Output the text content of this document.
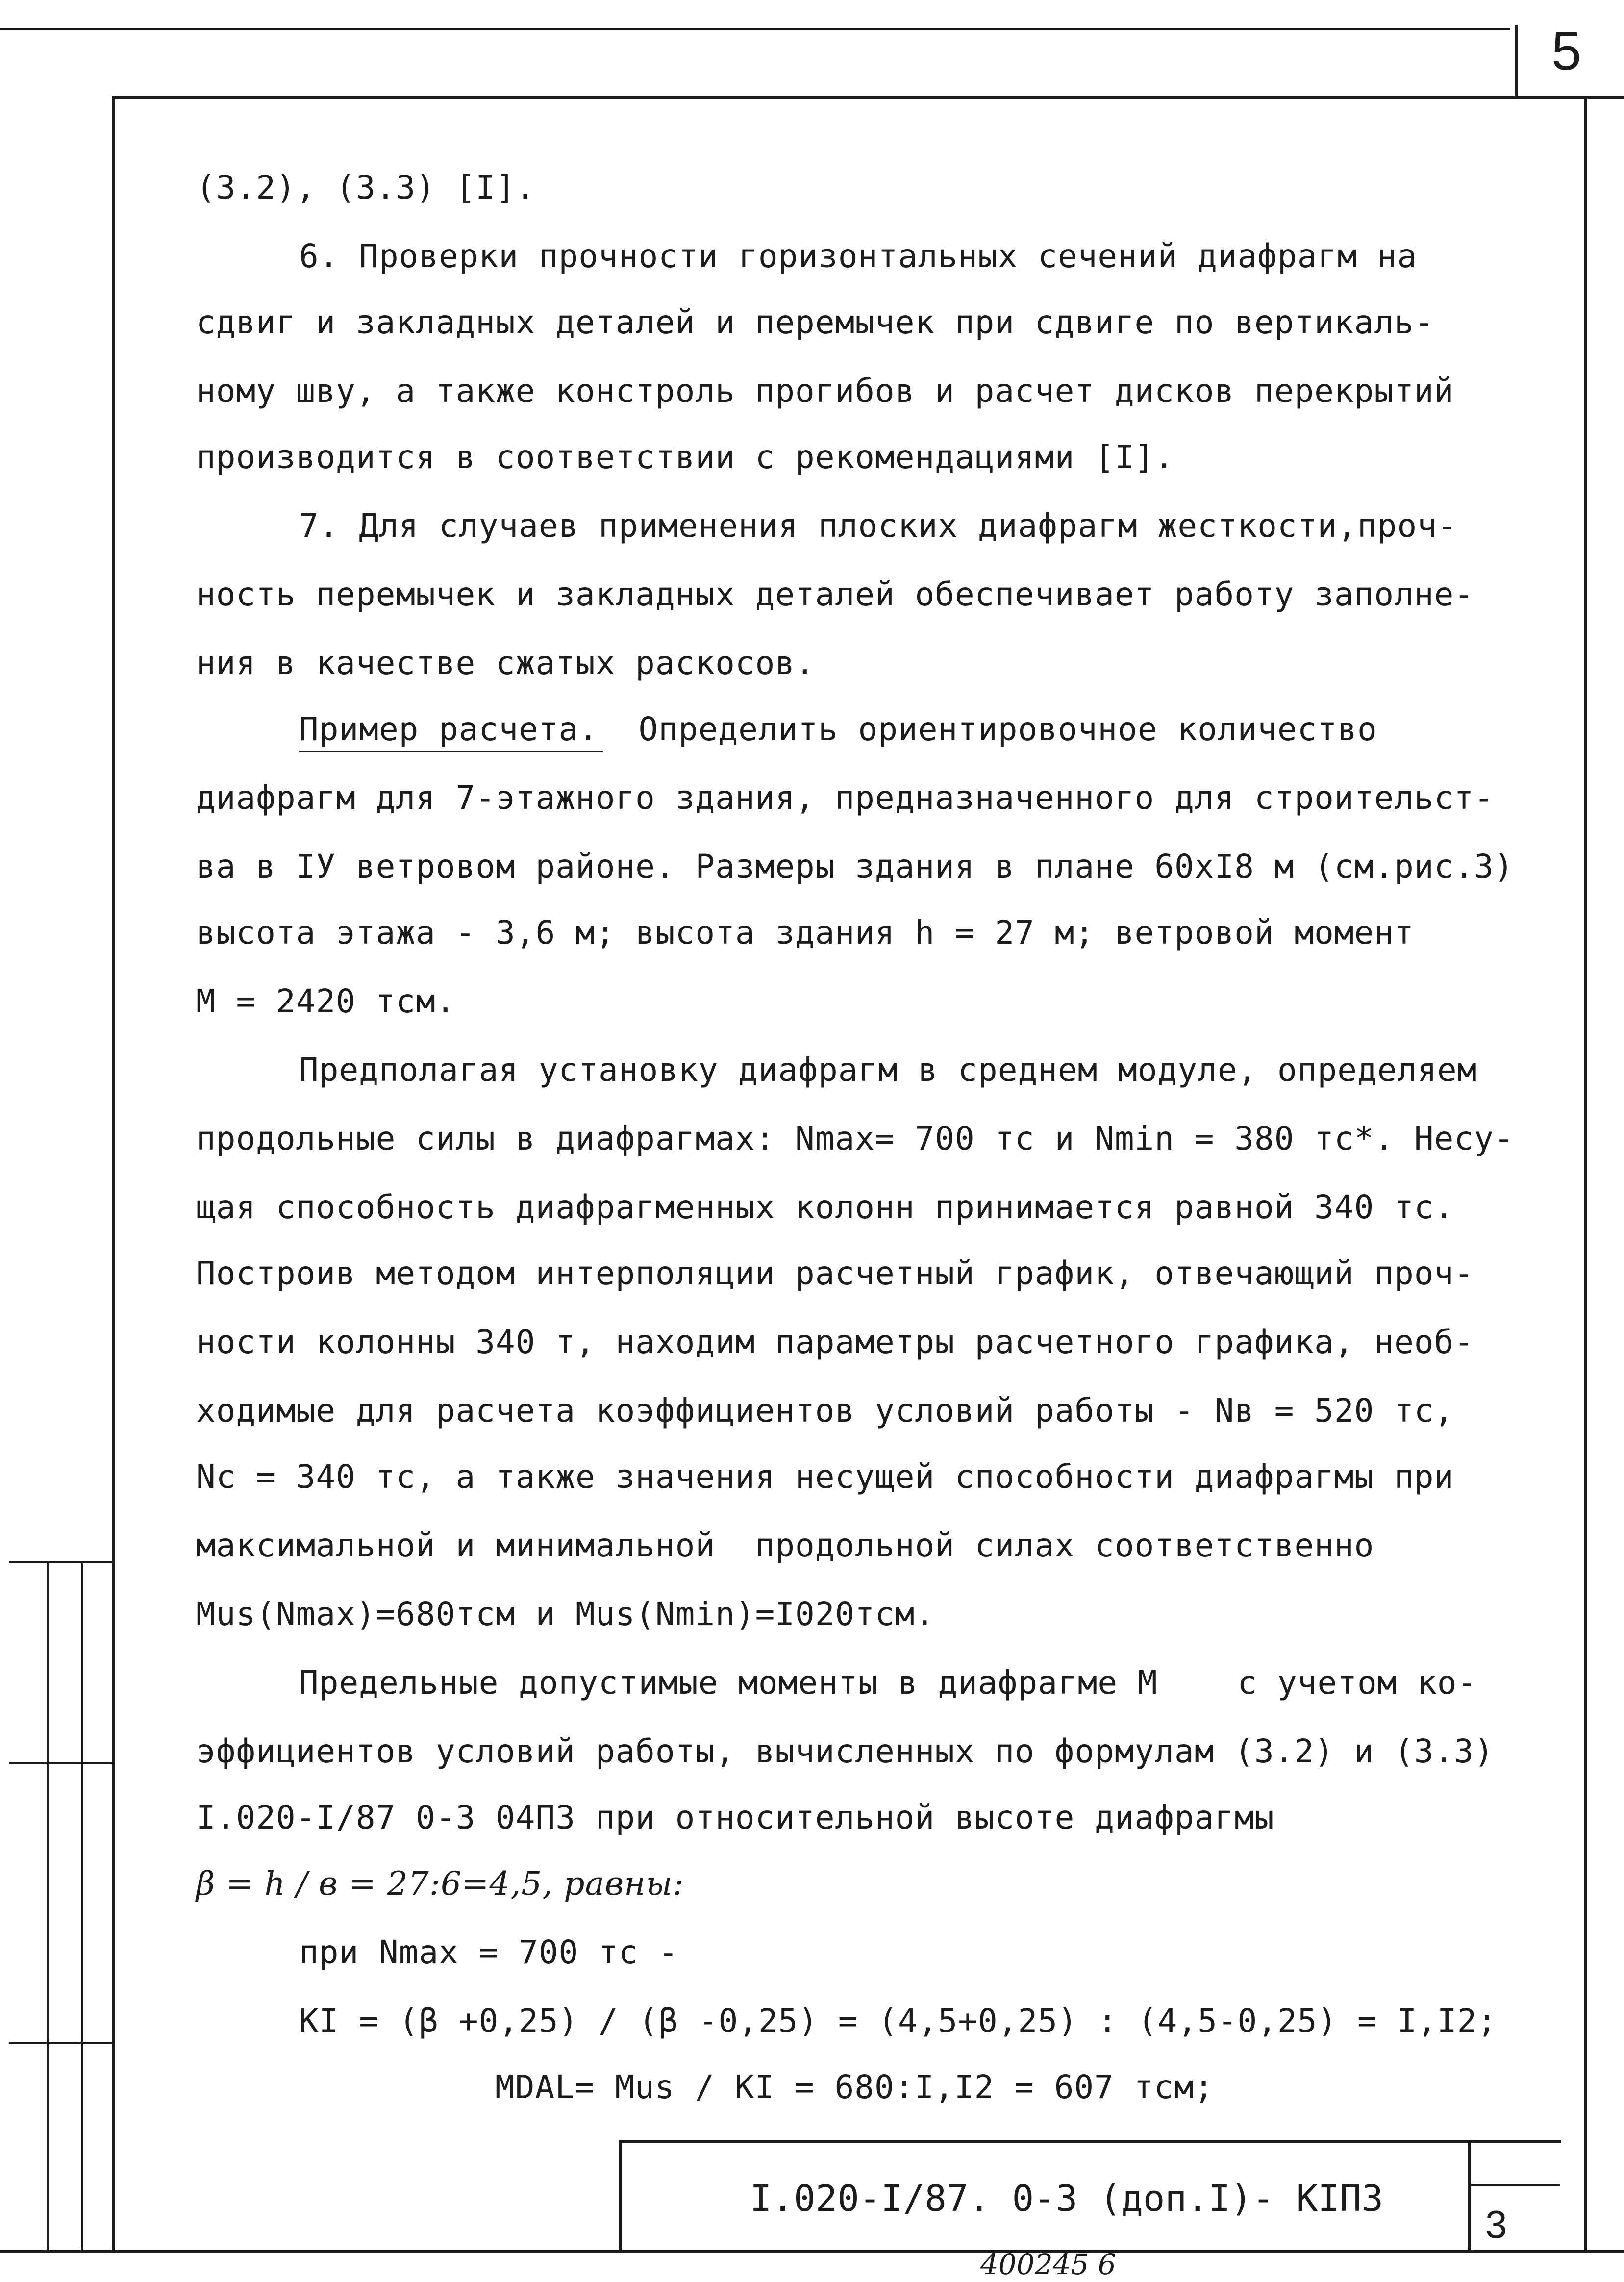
5
(3.2), (3.3) [I].
6. Проверки прочности горизонтальных сечений диафрагм на
сдвиг и закладных деталей и перемычек при сдвиге по вертикаль-
ному шву, а также констроль прогибов и расчет дисков перекрытий
производится в соответствии с рекомендациями [I].
7. Для случаев применения плоских диафрагм жесткости,проч-
ность перемычек и закладных деталей обеспечивает работу заполне-
ния в качестве сжатых раскосов.
Пример расчета.  Определить ориентировочное количество
диафрагм для 7-этажного здания, предназначенного для строительст-
ва в IУ ветровом районе. Размеры здания в плане 60хI8 м (см.рис.3)
высота этажа - 3,6 м; высота здания h = 27 м; ветровой момент
M = 2420 тсм.
Предполагая установку диафрагм в среднем модуле, определяем
продольные силы в диафрагмах: Nmax= 700 тс и Nmin = 380 тс*. Несу-
щая способность диафрагменных колонн принимается равной 340 тс.
Построив методом интерполяции расчетный график, отвечающий проч-
ности колонны 340 т, находим параметры расчетного графика, необ-
ходимые для расчета коэффициентов условий работы - Nв = 520 тс,
Nc = 340 тс, а также значения несущей способности диафрагмы при
максимальной и минимальной  продольной силах соответственно
Mus(Nmax)=680тсм и Mus(Nmin)=I020тсм.
Предельные допустимые моменты в диафрагме M    с учетом ко-
эффициентов условий работы, вычисленных по формулам (3.2) и (3.3)
I.020-I/87 0-3 04ПЗ при относительной высоте диафрагмы
β = h / в = 27:6=4,5, равны:
при Nmax = 700 тс -
KI = (β +0,25) / (β -0,25) = (4,5+0,25) : (4,5-0,25) = I,I2;
MDAL= Mus / KI = 680:I,I2 = 607 тсм;
I.020-I/87. 0-3 (доп.I)- КIПЗ
3
400245 6
